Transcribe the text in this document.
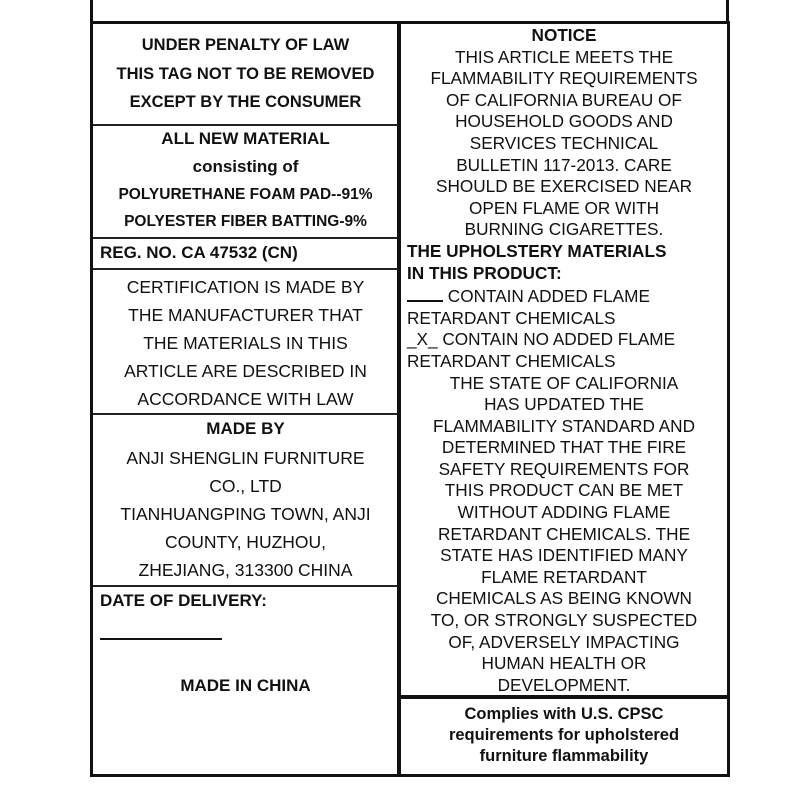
UNDER PENALTY OF LAW
THIS TAG NOT TO BE REMOVED
EXCEPT BY THE CONSUMER
ALL NEW MATERIAL
consisting of
POLYURETHANE FOAM PAD--91%
POLYESTER FIBER BATTING-9%
REG. NO. CA 47532 (CN)
CERTIFICATION IS MADE BY
THE MANUFACTURER THAT
THE MATERIALS IN THIS
ARTICLE ARE DESCRIBED IN
ACCORDANCE WITH LAW
MADE BY
ANJI SHENGLIN FURNITURE
CO., LTD
TIANHUANGPING TOWN, ANJI
COUNTY, HUZHOU,
ZHEJIANG, 313300 CHINA
DATE OF DELIVERY:
MADE IN CHINA
NOTICE
THIS ARTICLE MEETS THE
FLAMMABILITY REQUIREMENTS
OF CALIFORNIA BUREAU OF
HOUSEHOLD GOODS AND
SERVICES TECHNICAL
BULLETIN 117-2013. CARE
SHOULD BE EXERCISED NEAR
OPEN FLAME OR WITH
BURNING CIGARETTES.
THE UPHOLSTERY MATERIALS
IN THIS PRODUCT:
CONTAIN ADDED FLAME
RETARDANT CHEMICALS
_X_ CONTAIN NO ADDED FLAME
RETARDANT CHEMICALS
THE STATE OF CALIFORNIA
HAS UPDATED THE
FLAMMABILITY STANDARD AND
DETERMINED THAT THE FIRE
SAFETY REQUIREMENTS FOR
THIS PRODUCT CAN BE MET
WITHOUT ADDING FLAME
RETARDANT CHEMICALS. THE
STATE HAS IDENTIFIED MANY
FLAME RETARDANT
CHEMICALS AS BEING KNOWN
TO, OR STRONGLY SUSPECTED
OF, ADVERSELY IMPACTING
HUMAN HEALTH OR
DEVELOPMENT.
Complies with U.S. CPSC
requirements for upholstered
furniture flammability
